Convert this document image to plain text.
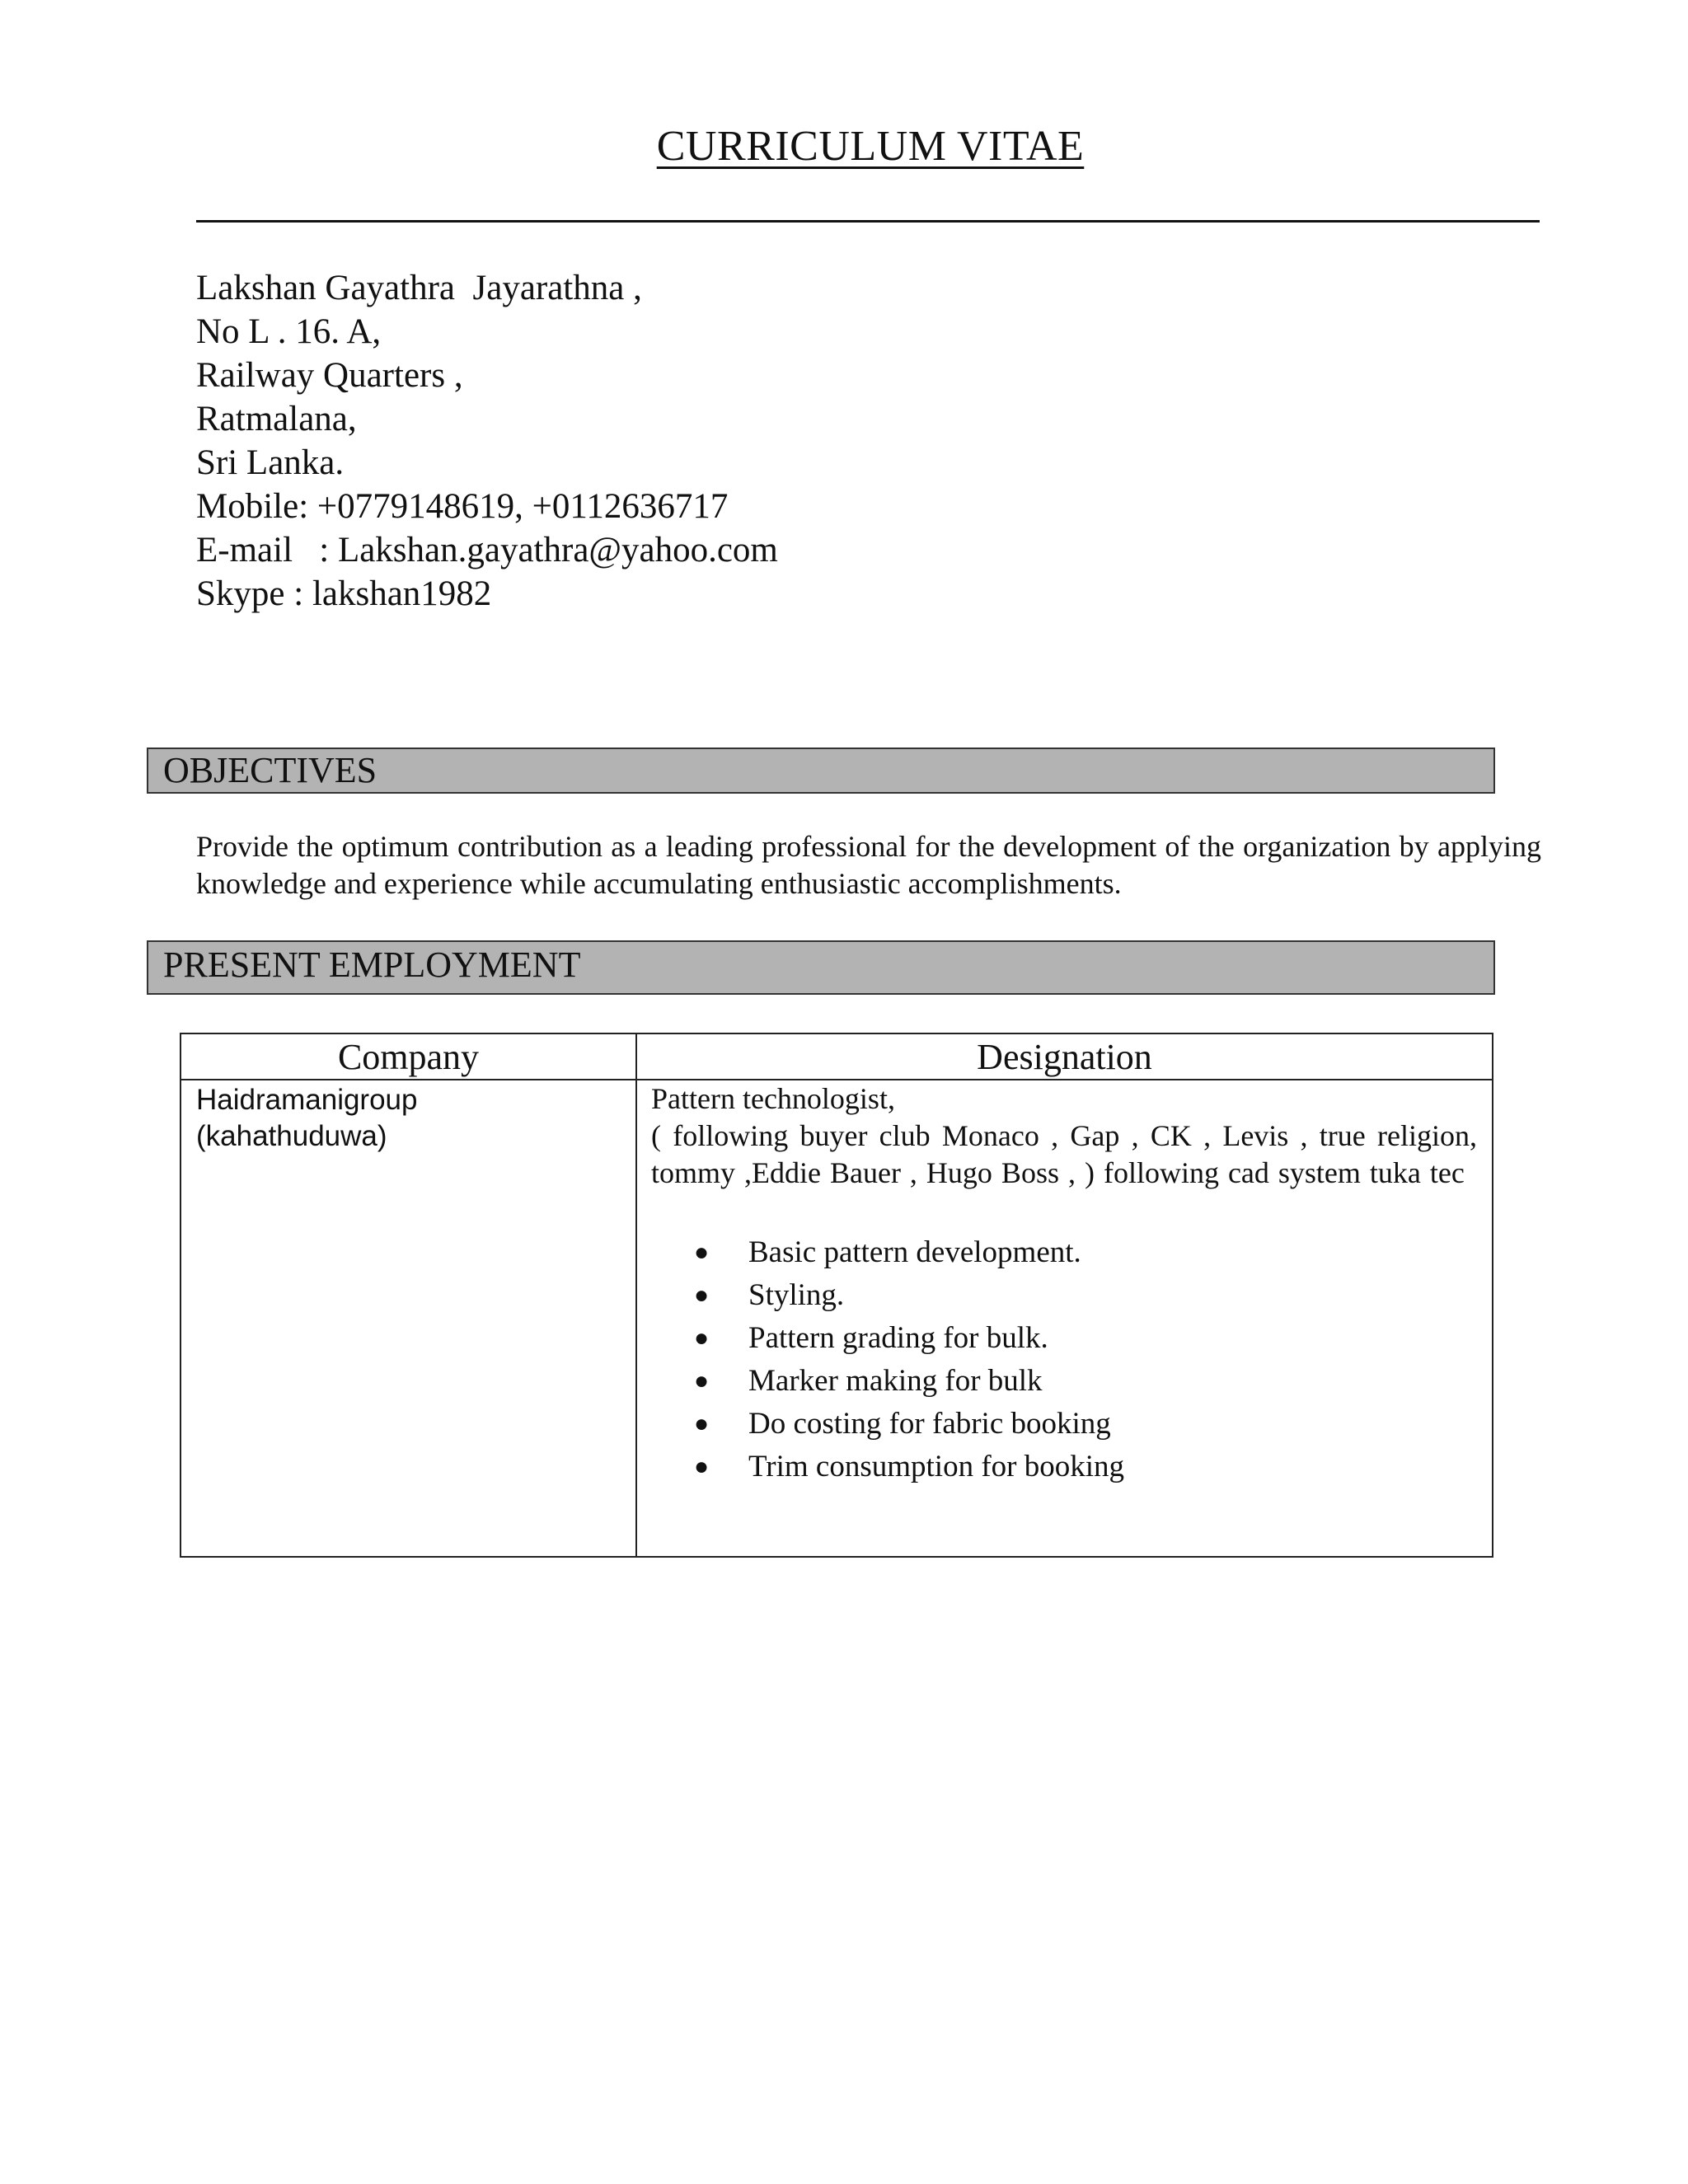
CURRICULUM VITAE
Lakshan Gayathra  Jayarathna ,
No L . 16. A,
Railway Quarters ,
Ratmalana,
Sri Lanka.
Mobile: +0779148619, +0112636717
E-mail   : Lakshan.gayathra@yahoo.com
Skype : lakshan1982
OBJECTIVES
Provide the optimum contribution as a leading professional for the development of the organization by applying knowledge and experience while accumulating enthusiastic accomplishments.
PRESENT EMPLOYMENT
Company	Designation
Haidramanigroup
(kahathuduwa)
Pattern technologist,
( following buyer club Monaco , Gap , CK , Levis , true religion, tommy ,Eddie Bauer , Hugo Boss , ) following cad system tuka tec
● Basic pattern development.
● Styling.
● Pattern grading for bulk.
● Marker making for bulk
● Do costing for fabric booking
● Trim consumption for booking
